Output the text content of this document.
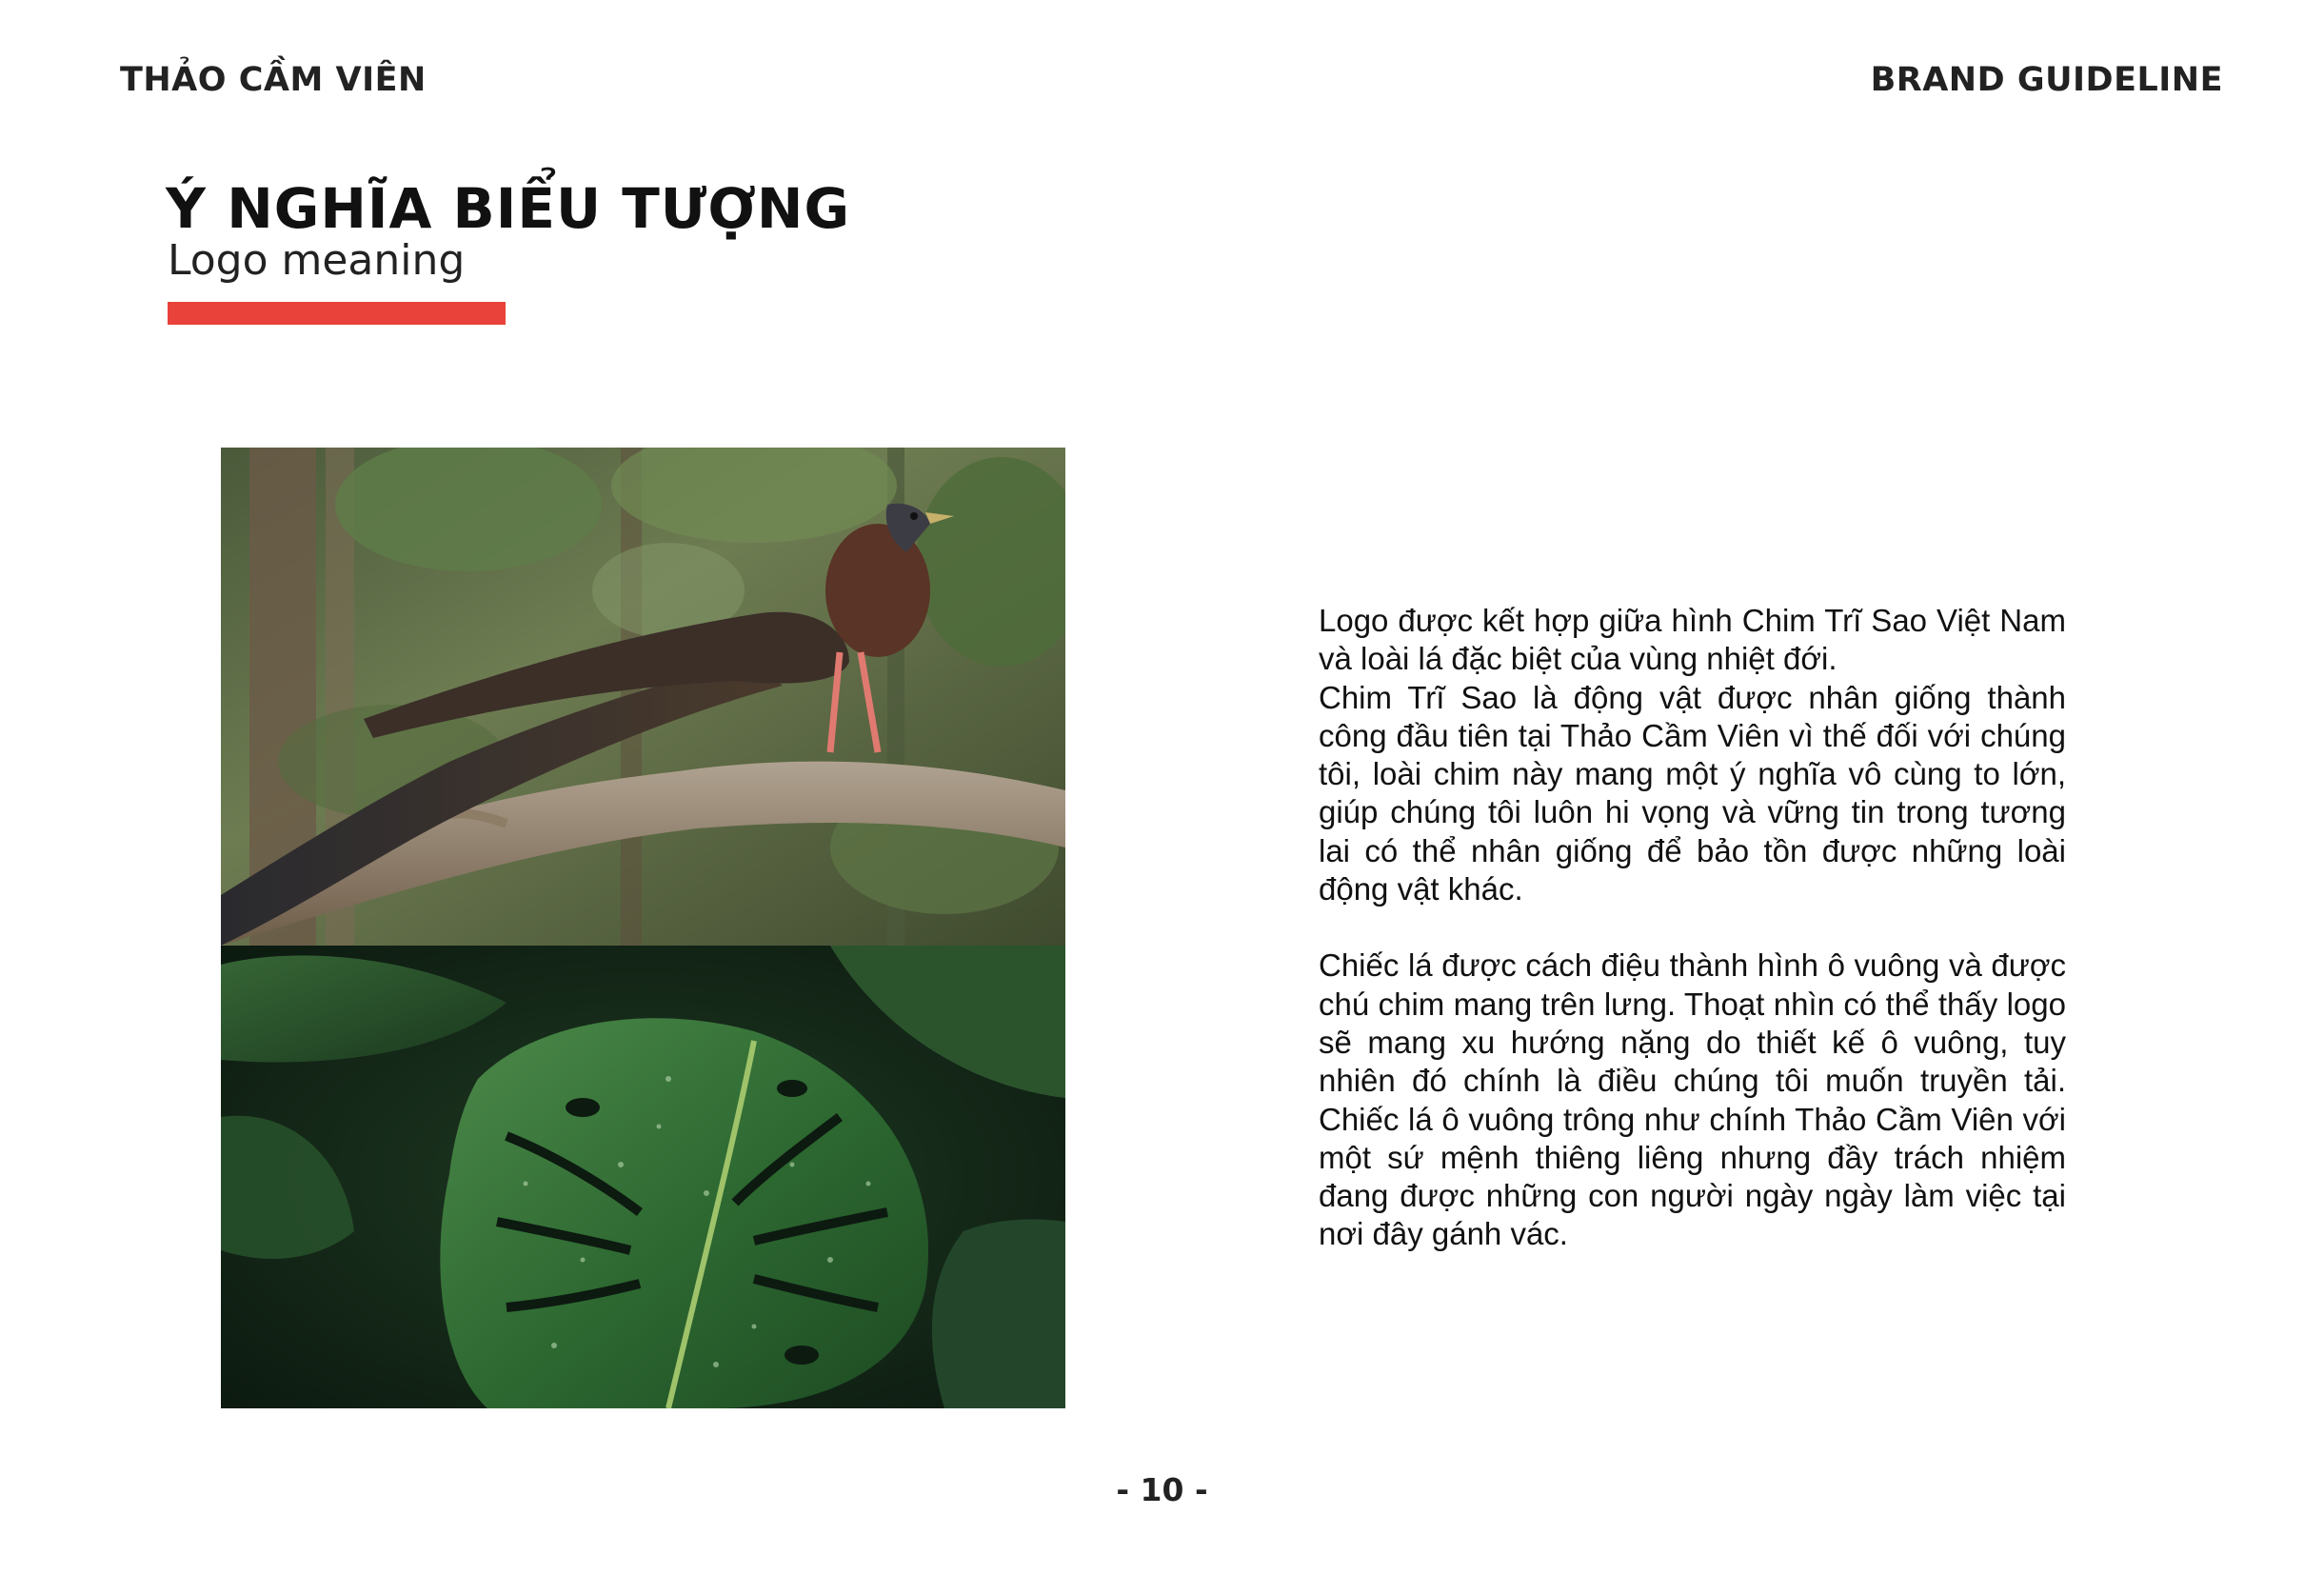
THẢO CẦM VIÊN	BRAND GUIDELINE
Ý NGHĨA BIỂU TƯỢNG
Logo meaning

Logo được kết hợp giữa hình Chim Trĩ Sao Việt Nam và loài lá đặc biệt của vùng nhiệt đới.

Chim Trĩ Sao là động vật được nhân giống thành công đầu tiên tại Thảo Cầm Viên vì thế đối với chúng tôi, loài chim này mang một ý nghĩa vô cùng to lớn, giúp chúng tôi luôn hi vọng và vững tin trong tương lai có thể nhân giống để bảo tồn được những loài động vật khác.

Chiếc lá được cách điệu thành hình ô vuông và được chú chim mang trên lưng. Thoạt nhìn có thể thấy logo sẽ mang xu hướng nặng do thiết kế ô vuông, tuy nhiên đó chính là điều chúng tôi muốn truyền tải. Chiếc lá ô vuông trông như chính Thảo Cầm Viên với một sứ mệnh thiêng liêng nhưng đầy trách nhiệm đang được những con người ngày ngày làm việc tại nơi đây gánh vác.

- 10 -
